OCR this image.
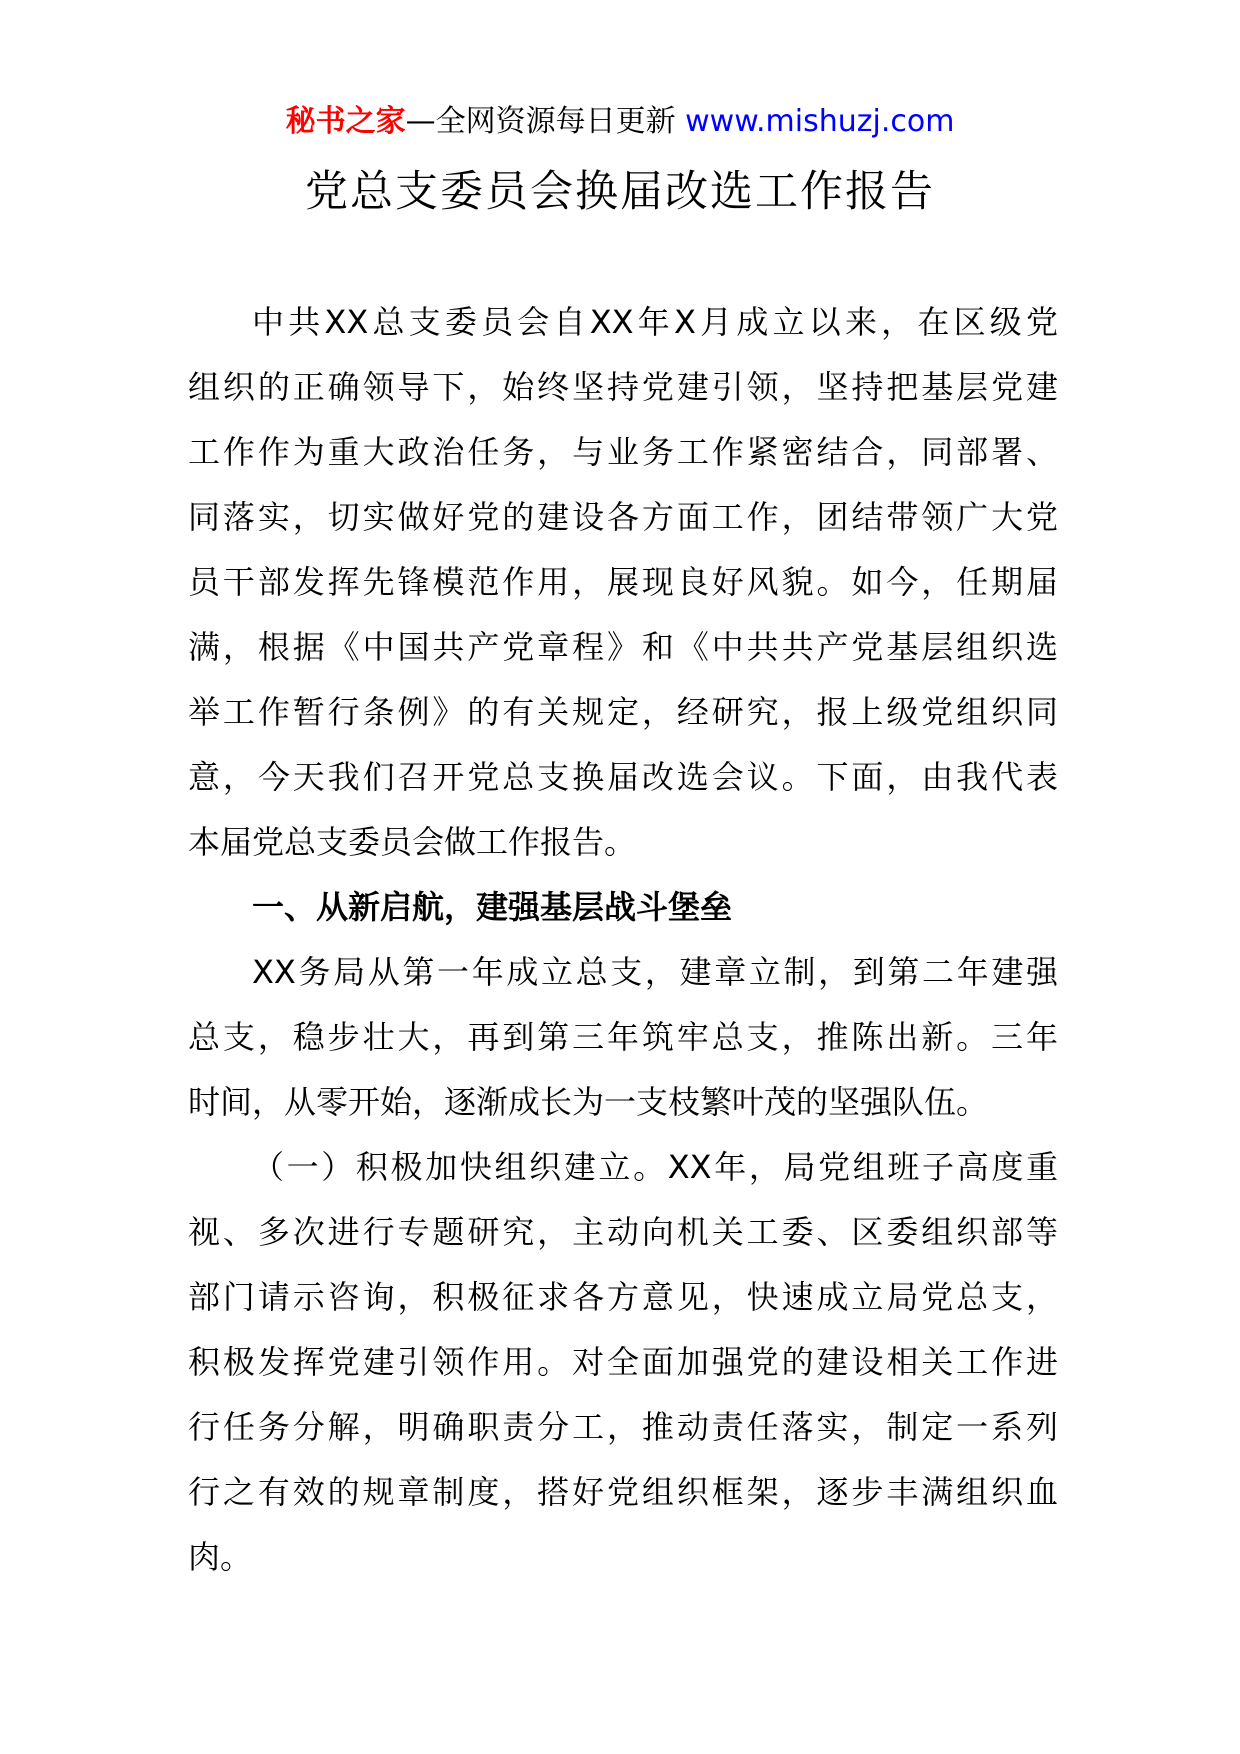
秘书之家—全网资源每日更新 www.mishuzj.com
党总支委员会换届改选工作报告
中共XX总支委员会自XX年X月成立以来，在区级党
组织的正确领导下，始终坚持党建引领，坚持把基层党建
工作作为重大政治任务，与业务工作紧密结合，同部署、
同落实，切实做好党的建设各方面工作，团结带领广大党
员干部发挥先锋模范作用，展现良好风貌。如今，任期届
满，根据《中国共产党章程》和《中共共产党基层组织选
举工作暂行条例》的有关规定，经研究，报上级党组织同
意，今天我们召开党总支换届改选会议。下面，由我代表
本届党总支委员会做工作报告。
一、从新启航，建强基层战斗堡垒
XX务局从第一年成立总支，建章立制，到第二年建强
总支，稳步壮大，再到第三年筑牢总支，推陈出新。三年
时间，从零开始，逐渐成长为一支枝繁叶茂的坚强队伍。
（一）积极加快组织建立。XX年，局党组班子高度重
视、多次进行专题研究，主动向机关工委、区委组织部等
部门请示咨询，积极征求各方意见，快速成立局党总支，
积极发挥党建引领作用。对全面加强党的建设相关工作进
行任务分解，明确职责分工，推动责任落实，制定一系列
行之有效的规章制度，搭好党组织框架，逐步丰满组织血
肉。
